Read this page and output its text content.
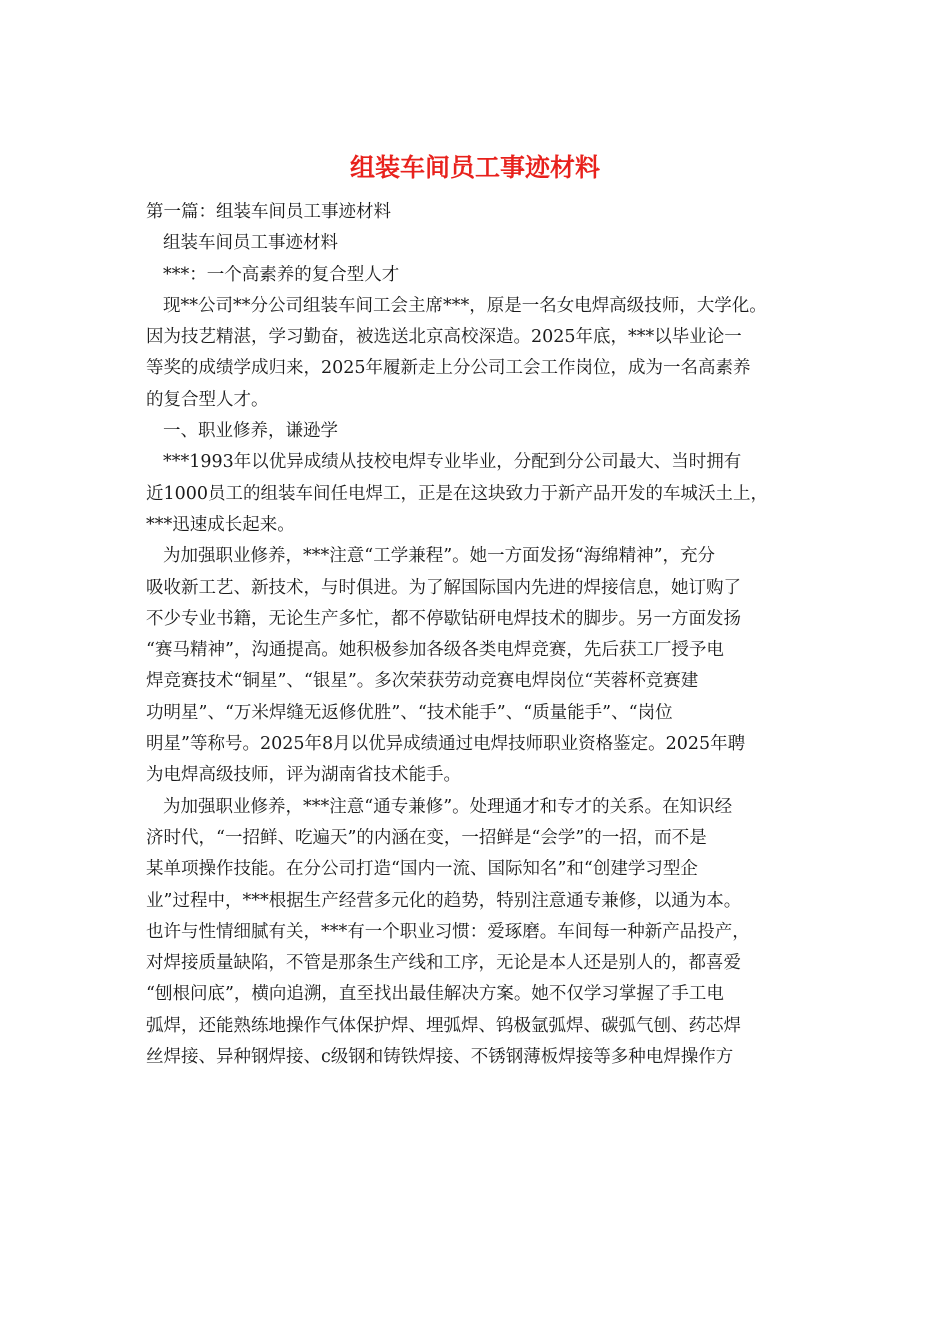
组装车间员工事迹材料
第一篇：组装车间员工事迹材料
组装车间员工事迹材料
***：一个高素养的复合型人才
现**公司**分公司组装车间工会主席***，原是一名女电焊高级技师，大学化。
因为技艺精湛，学习勤奋，被选送北京高校深造。2025年底，***以毕业论一
等奖的成绩学成归来，2025年履新走上分公司工会工作岗位，成为一名高素养
的复合型人才。
一、职业修养，谦逊学
***1993年以优异成绩从技校电焊专业毕业，分配到分公司最大、当时拥有
近1000员工的组装车间任电焊工，正是在这块致力于新产品开发的车城沃土上，
***迅速成长起来。
为加强职业修养，***注意“工学兼程”。她一方面发扬“海绵精神”，充分
吸收新工艺、新技术，与时俱进。为了解国际国内先进的焊接信息，她订购了
不少专业书籍，无论生产多忙，都不停歇钻研电焊技术的脚步。另一方面发扬
“赛马精神”，沟通提高。她积极参加各级各类电焊竞赛，先后获工厂授予电
焊竞赛技术“铜星”、“银星”。多次荣获劳动竞赛电焊岗位“芙蓉杯竞赛建
功明星”、“万米焊缝无返修优胜”、“技术能手”、“质量能手”、“岗位
明星”等称号。2025年8月以优异成绩通过电焊技师职业资格鉴定。2025年聘
为电焊高级技师，评为湖南省技术能手。
为加强职业修养，***注意“通专兼修”。处理通才和专才的关系。在知识经
济时代，“一招鲜、吃遍天”的内涵在变，一招鲜是“会学”的一招，而不是
某单项操作技能。在分公司打造“国内一流、国际知名”和“创建学习型企
业”过程中，***根据生产经营多元化的趋势，特别注意通专兼修，以通为本。
也许与性情细腻有关，***有一个职业习惯：爱琢磨。车间每一种新产品投产，
对焊接质量缺陷，不管是那条生产线和工序，无论是本人还是别人的，都喜爱
“刨根问底”，横向追溯，直至找出最佳解决方案。她不仅学习掌握了手工电
弧焊，还能熟练地操作气体保护焊、埋弧焊、钨极氩弧焊、碳弧气刨、药芯焊
丝焊接、异种钢焊接、c级钢和铸铁焊接、不锈钢薄板焊接等多种电焊操作方
